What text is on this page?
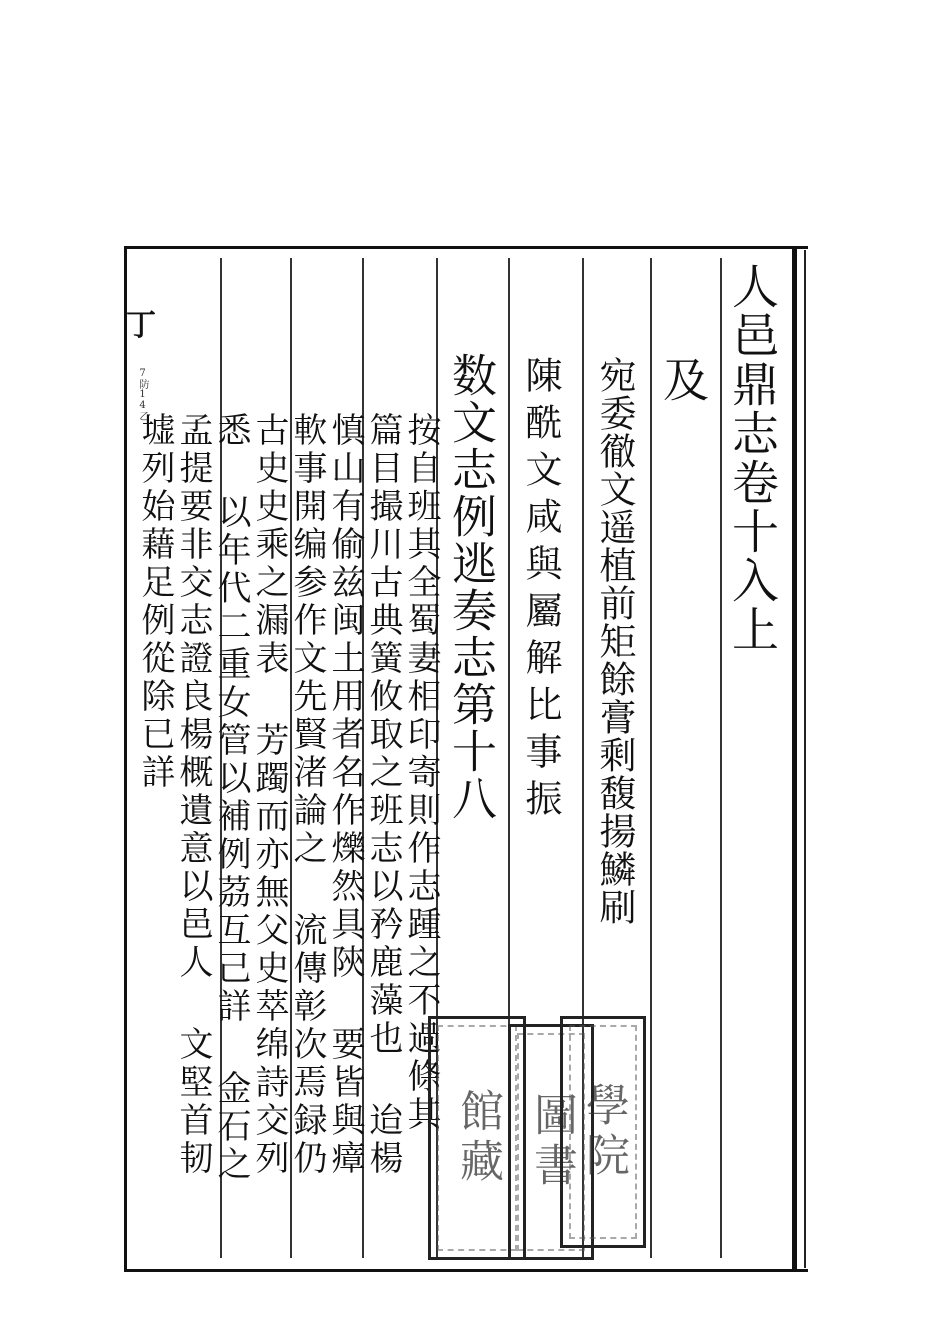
丁
7防14乙	人邑鼎志卷十入上
及
宛委徹文遥植前矩餘膏剩馥揚鱗刷
陳酰文咸與屬解比事振
数文志例逃奏志第十八
按自班其全蜀妻相印寄則作志踵之不過條其 篇目撮川古典簧攸取之班志以矜鹿藻也 迨楊慎山有偷兹闽土用者名作爍然具陝 要皆與瘴軟事開编参作文先賢渚論之 流傳彰次焉録仍古史史乘之漏表 芳躅而亦無父史萃绵詩交列悉 以年代二重女管以補例茘互己詳 金石之孟提要非交志證良楊概遺意以邑人 文堅首韧墟列始藉足例從除已詳
館藏 圖書 學院
